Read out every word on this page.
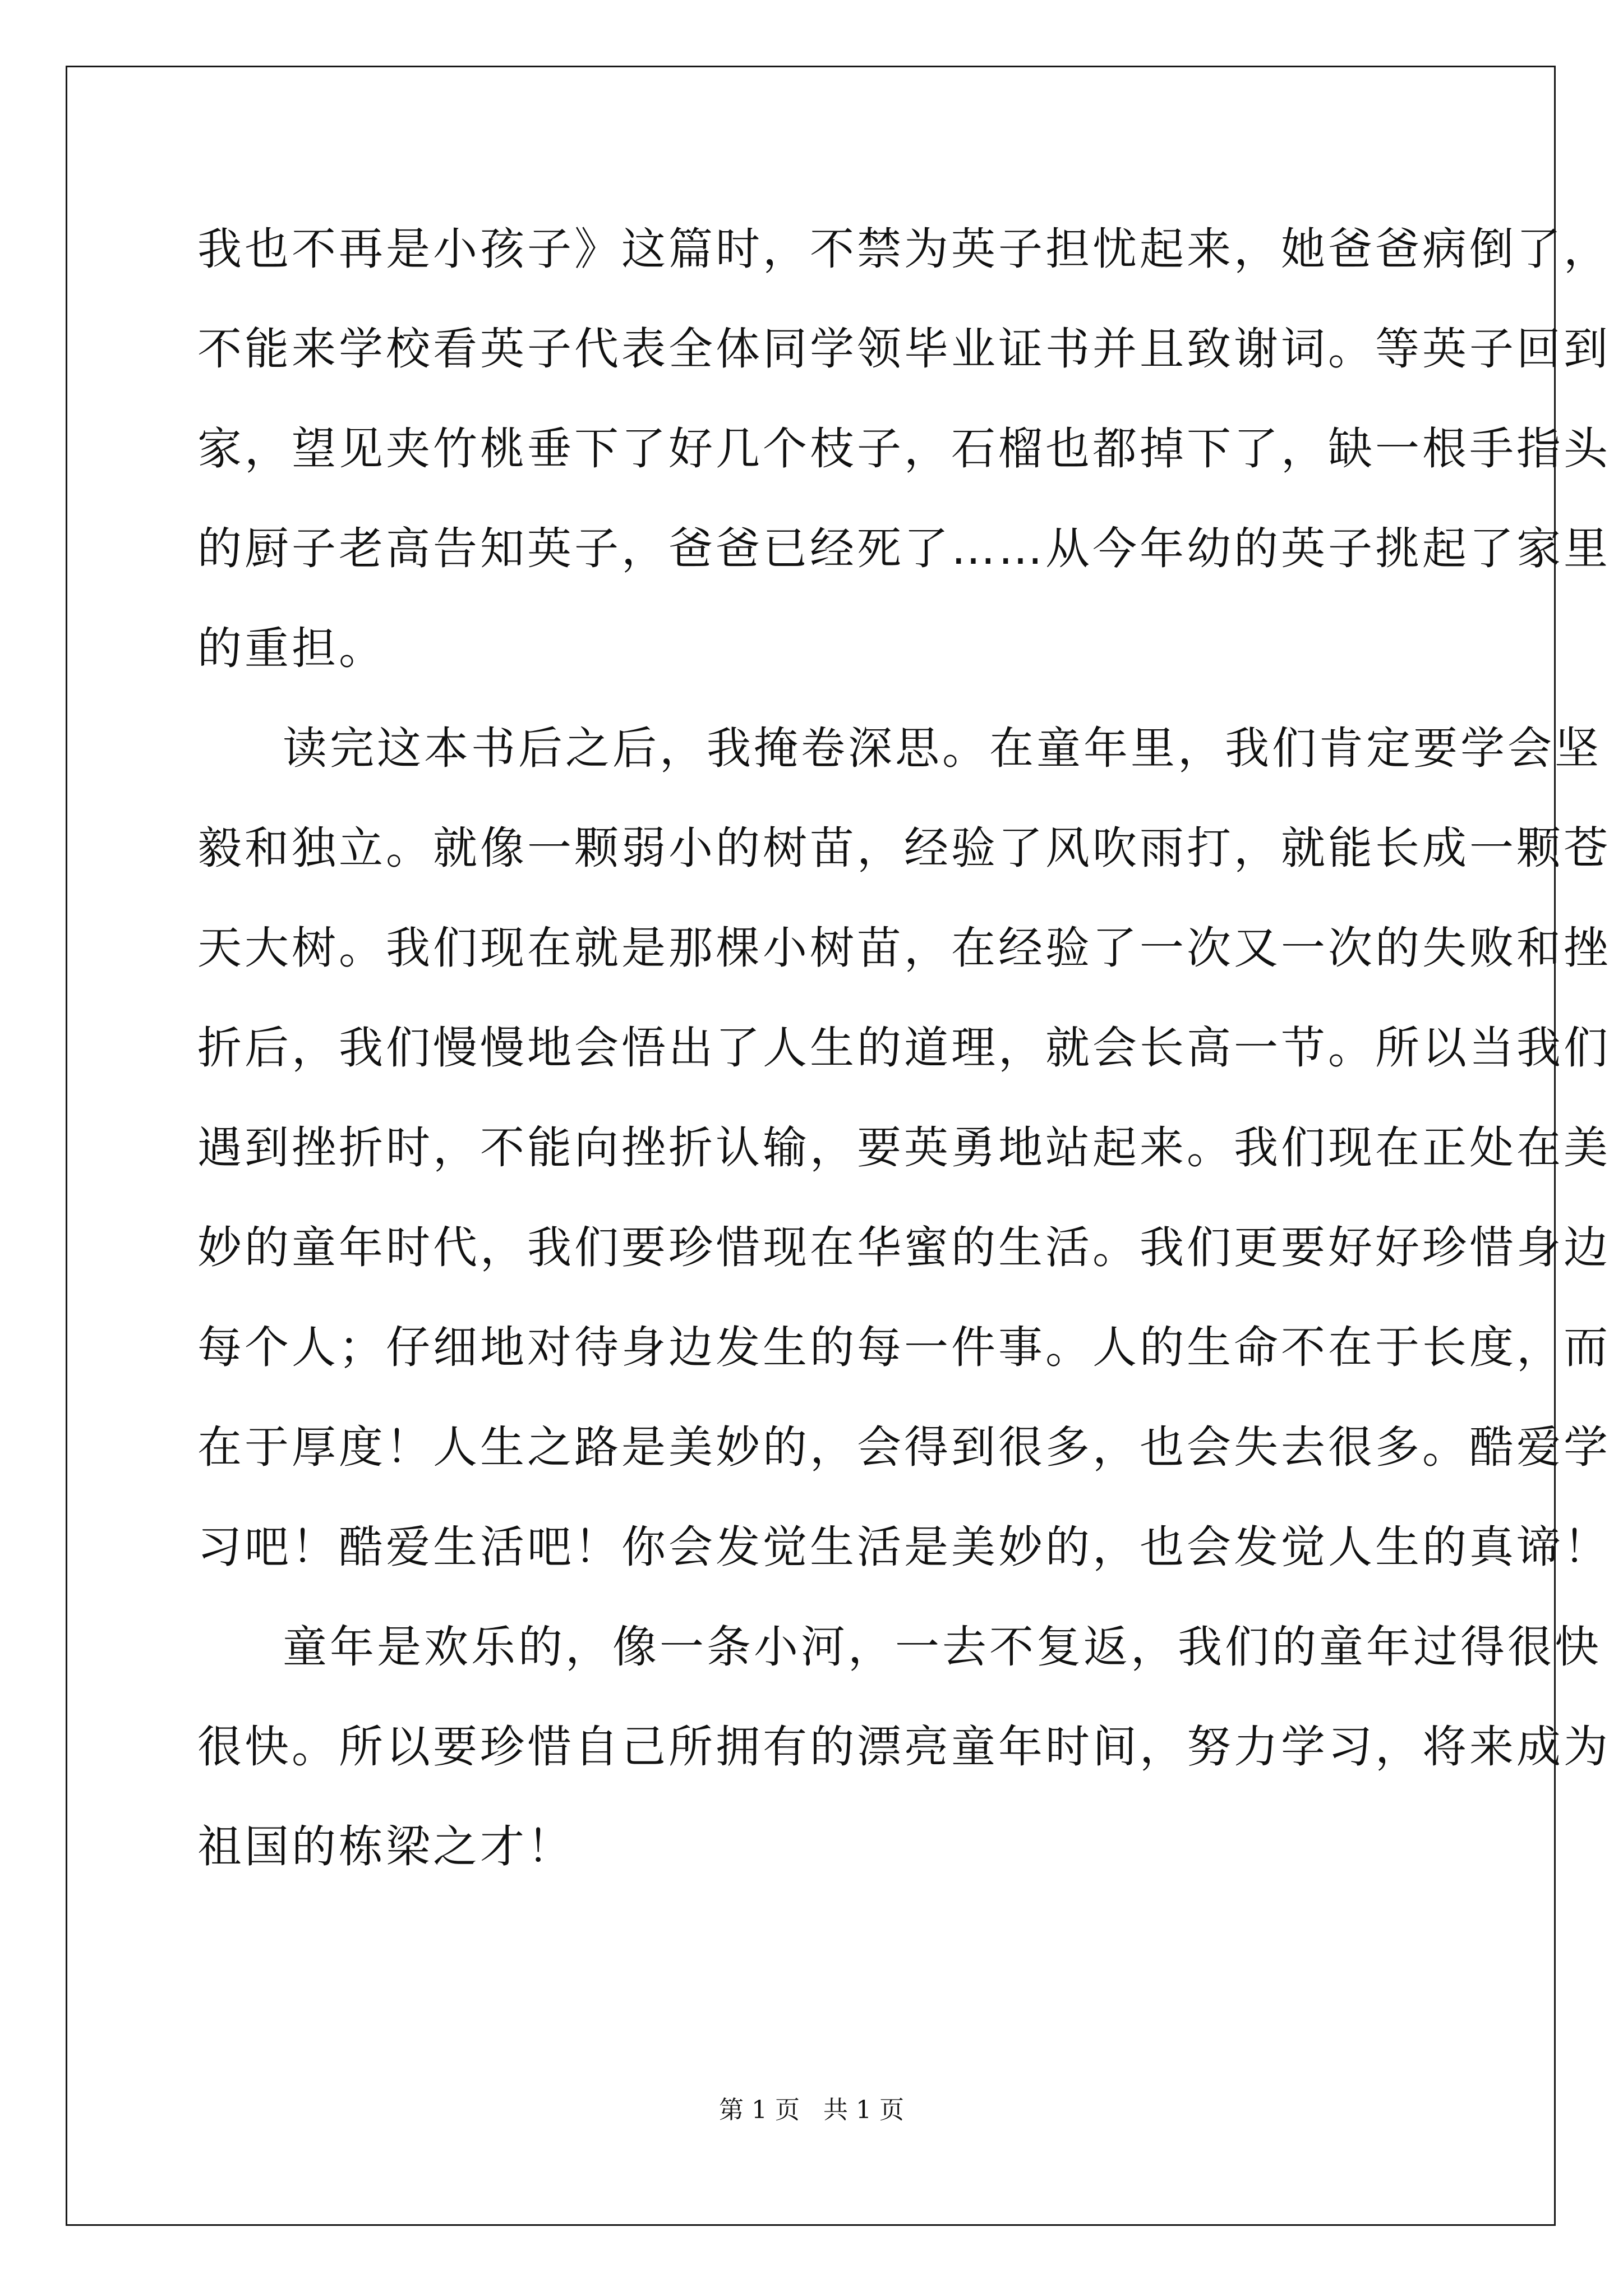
我也不再是小孩子》这篇时，不禁为英子担忧起来，她爸爸病倒了，
不能来学校看英子代表全体同学领毕业证书并且致谢词。等英子回到
家，望见夹竹桃垂下了好几个枝子，石榴也都掉下了，缺一根手指头
的厨子老高告知英子，爸爸已经死了……从今年幼的英子挑起了家里
的重担。
读完这本书后之后，我掩卷深思。在童年里，我们肯定要学会坚
毅和独立。就像一颗弱小的树苗，经验了风吹雨打，就能长成一颗苍
天大树。我们现在就是那棵小树苗，在经验了一次又一次的失败和挫
折后，我们慢慢地会悟出了人生的道理，就会长高一节。所以当我们
遇到挫折时，不能向挫折认输，要英勇地站起来。我们现在正处在美
妙的童年时代，我们要珍惜现在华蜜的生活。我们更要好好珍惜身边
每个人；仔细地对待身边发生的每一件事。人的生命不在于长度，而
在于厚度！人生之路是美妙的，会得到很多，也会失去很多。酷爱学
习吧！酷爱生活吧！你会发觉生活是美妙的，也会发觉人生的真谛！
童年是欢乐的，像一条小河，一去不复返，我们的童年过得很快
很快。所以要珍惜自己所拥有的漂亮童年时间，努力学习，将来成为
祖国的栋梁之才！
第 1 页 共 1 页
